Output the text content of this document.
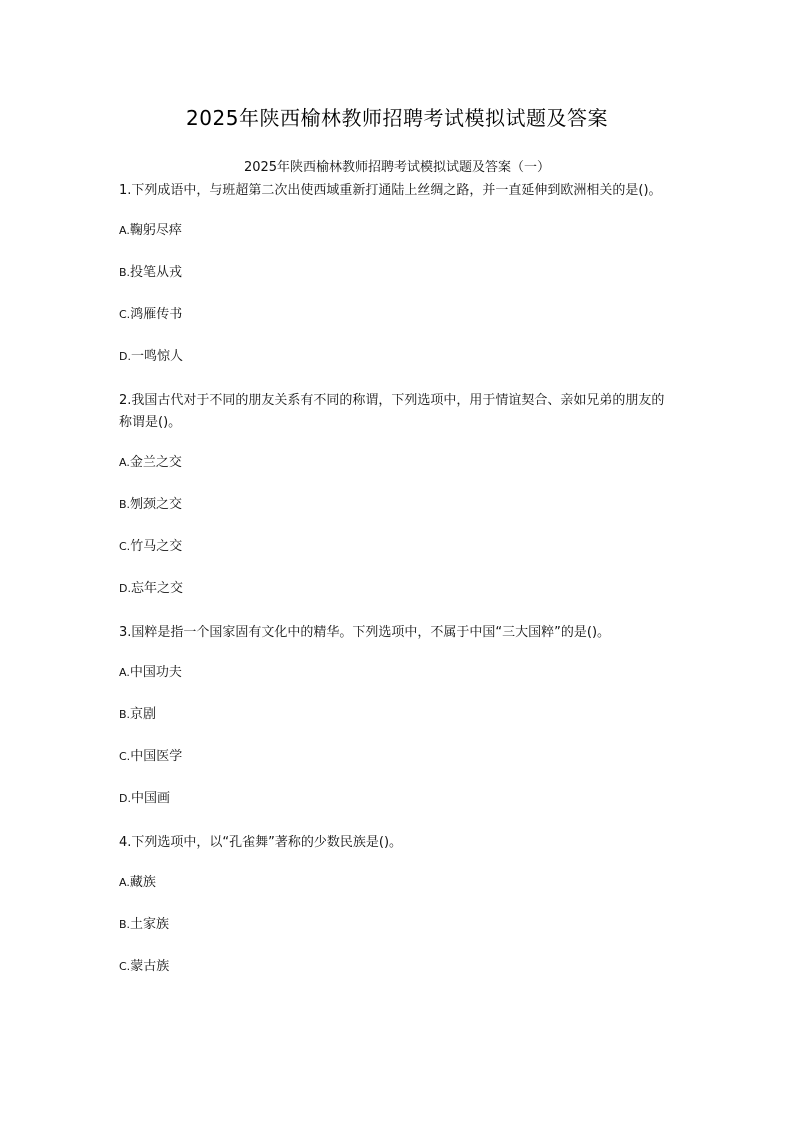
2025年陕西榆林教师招聘考试模拟试题及答案
2025年陕西榆林教师招聘考试模拟试题及答案（一）
1.下列成语中，与班超第二次出使西域重新打通陆上丝绸之路，并一直延伸到欧洲相关的是()。
A.鞠躬尽瘁
B.投笔从戎
C.鸿雁传书
D.一鸣惊人
2.我国古代对于不同的朋友关系有不同的称谓，下列选项中，用于情谊契合、亲如兄弟的朋友的称谓是()。
A.金兰之交
B.刎颈之交
C.竹马之交
D.忘年之交
3.国粹是指一个国家固有文化中的精华。下列选项中，不属于中国“三大国粹”的是()。
A.中国功夫
B.京剧
C.中国医学
D.中国画
4.下列选项中，以“孔雀舞”著称的少数民族是()。
A.藏族
B.土家族
C.蒙古族
